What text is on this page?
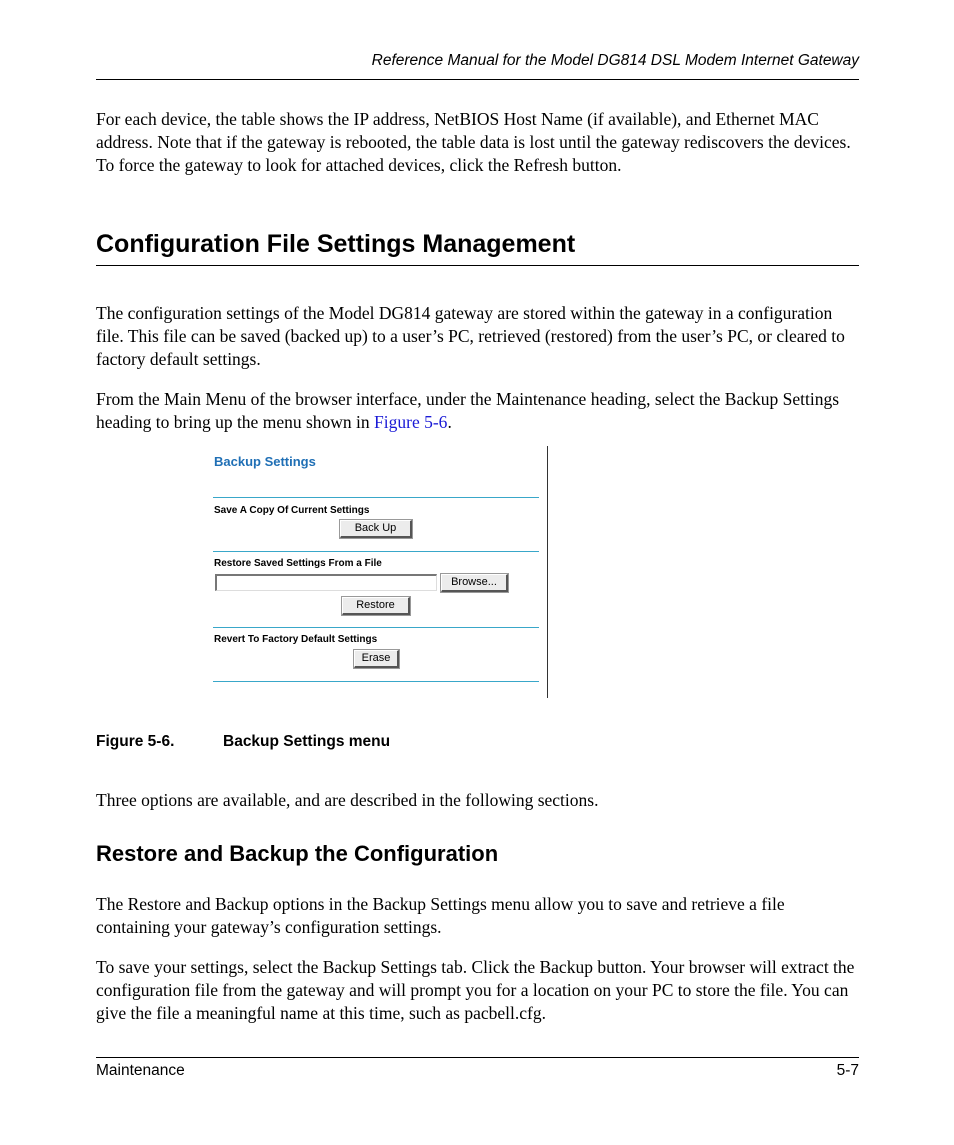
Reference Manual for the Model DG814 DSL Modem Internet Gateway

For each device, the table shows the IP address, NetBIOS Host Name (if available), and Ethernet MAC address. Note that if the gateway is rebooted, the table data is lost until the gateway rediscovers the devices. To force the gateway to look for attached devices, click the Refresh button.

Configuration File Settings Management

The configuration settings of the Model DG814 gateway are stored within the gateway in a configuration file. This file can be saved (backed up) to a user’s PC, retrieved (restored) from the user’s PC, or cleared to factory default settings.

From the Main Menu of the browser interface, under the Maintenance heading, select the Backup Settings heading to bring up the menu shown in Figure 5-6.

Backup Settings
Save A Copy Of Current Settings
Back Up
Restore Saved Settings From a File
Browse...
Restore
Revert To Factory Default Settings
Erase
Figure 5-6.	Backup Settings menu

Three options are available, and are described in the following sections.

Restore and Backup the Configuration

The Restore and Backup options in the Backup Settings menu allow you to save and retrieve a file containing your gateway’s configuration settings.

To save your settings, select the Backup Settings tab. Click the Backup button. Your browser will extract the configuration file from the gateway and will prompt you for a location on your PC to store the file. You can give the file a meaningful name at this time, such as pacbell.cfg.

Maintenance	5-7
